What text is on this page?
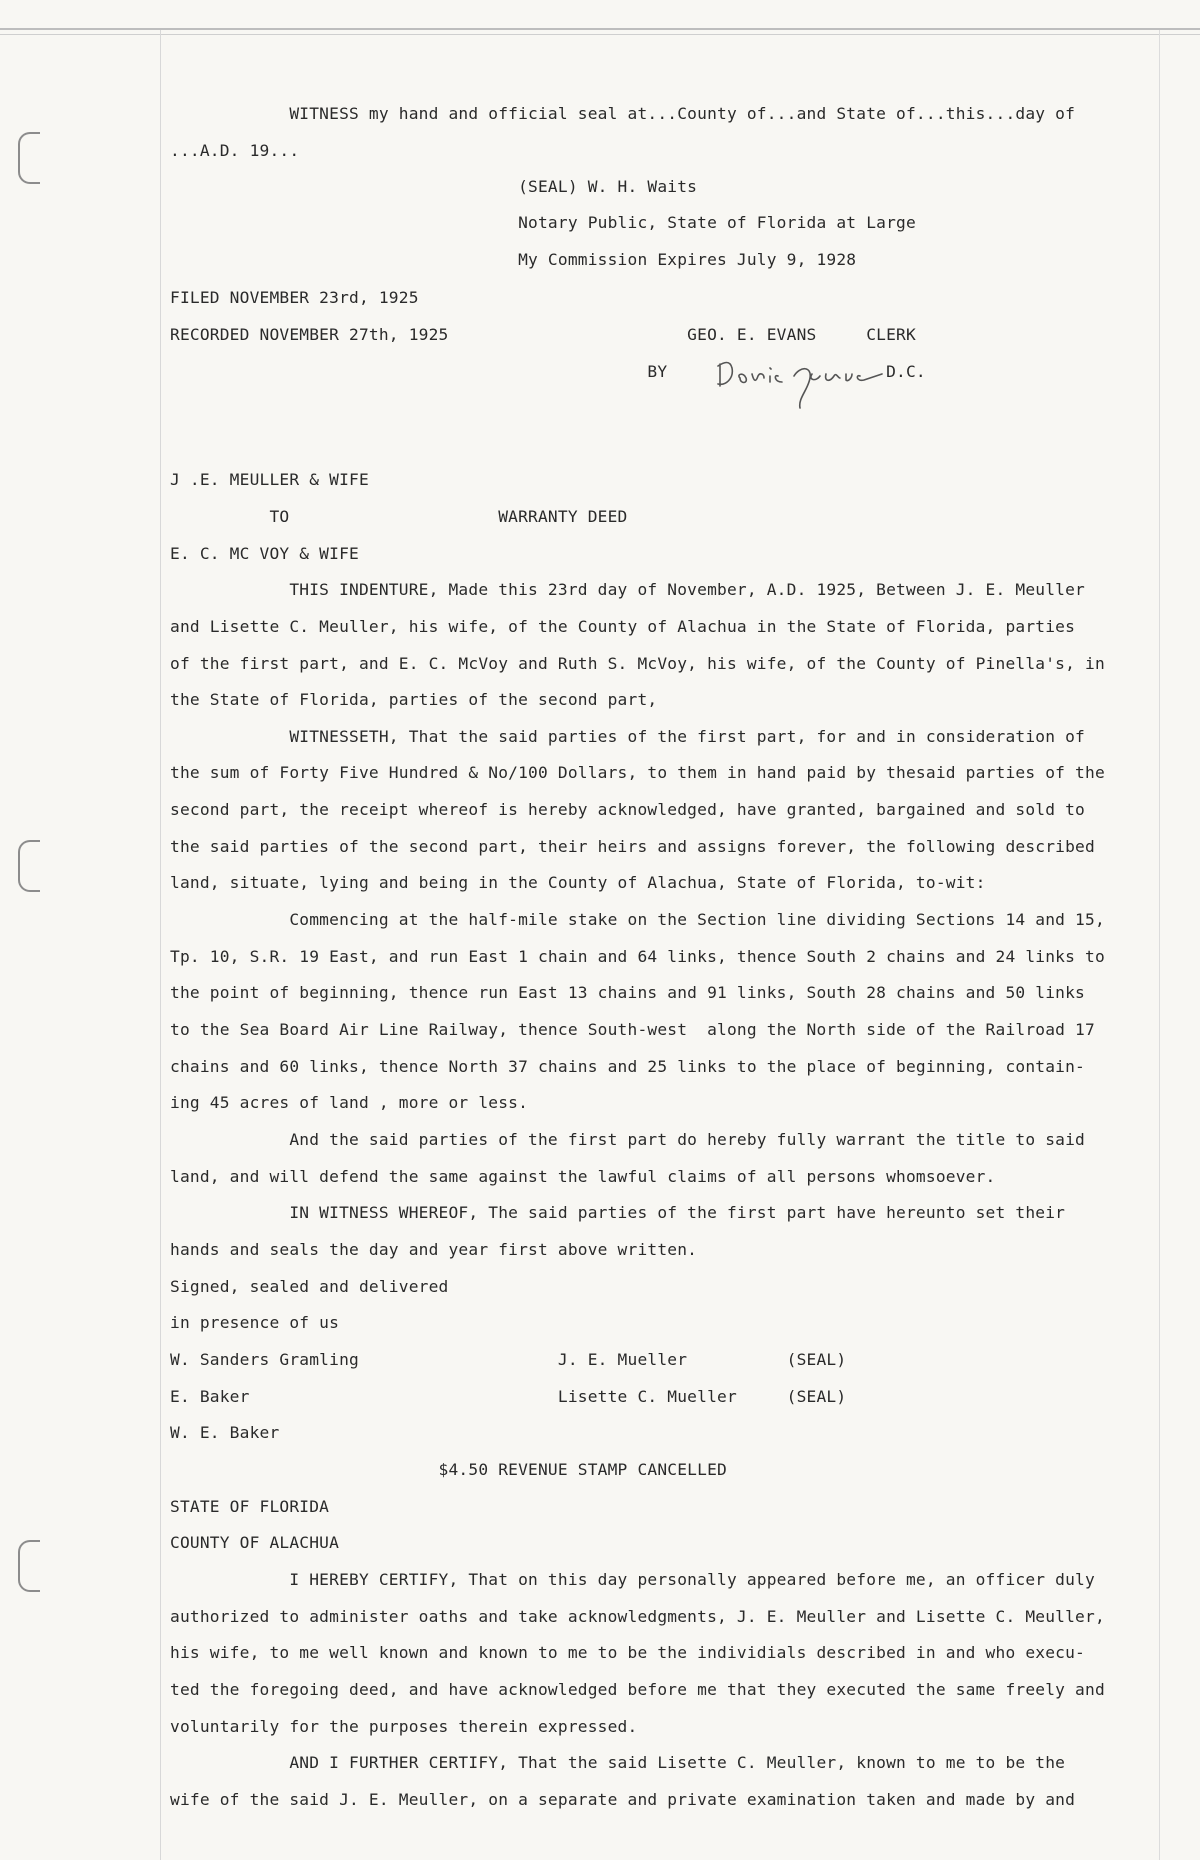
WITNESS my hand and official seal at...County of...and State of...this...day of
...A.D. 19...
(SEAL) W. H. Waits
Notary Public, State of Florida at Large
My Commission Expires July 9, 1928
FILED NOVEMBER 23rd, 1925
RECORDED NOVEMBER 27th, 1925                        GEO. E. EVANS     CLERK
BY                      D.C.
J .E. MEULLER & WIFE
TO                     WARRANTY DEED
E. C. MC VOY & WIFE
THIS INDENTURE, Made this 23rd day of November, A.D. 1925, Between J. E. Meuller
and Lisette C. Meuller, his wife, of the County of Alachua in the State of Florida, parties
of the first part, and E. C. McVoy and Ruth S. McVoy, his wife, of the County of Pinella's, in
the State of Florida, parties of the second part,
WITNESSETH, That the said parties of the first part, for and in consideration of
the sum of Forty Five Hundred & No/100 Dollars, to them in hand paid by thesaid parties of the
second part, the receipt whereof is hereby acknowledged, have granted, bargained and sold to
the said parties of the second part, their heirs and assigns forever, the following described
land, situate, lying and being in the County of Alachua, State of Florida, to-wit:
Commencing at the half-mile stake on the Section line dividing Sections 14 and 15,
Tp. 10, S.R. 19 East, and run East 1 chain and 64 links, thence South 2 chains and 24 links to
the point of beginning, thence run East 13 chains and 91 links, South 28 chains and 50 links
to the Sea Board Air Line Railway, thence South-west  along the North side of the Railroad 17
chains and 60 links, thence North 37 chains and 25 links to the place of beginning, contain-
ing 45 acres of land , more or less.
And the said parties of the first part do hereby fully warrant the title to said
land, and will defend the same against the lawful claims of all persons whomsoever.
IN WITNESS WHEREOF, The said parties of the first part have hereunto set their
hands and seals the day and year first above written.
Signed, sealed and delivered
in presence of us
W. Sanders Gramling                    J. E. Mueller          (SEAL)
E. Baker                               Lisette C. Mueller     (SEAL)
W. E. Baker
$4.50 REVENUE STAMP CANCELLED
STATE OF FLORIDA
COUNTY OF ALACHUA
I HEREBY CERTIFY, That on this day personally appeared before me, an officer duly
authorized to administer oaths and take acknowledgments, J. E. Meuller and Lisette C. Meuller,
his wife, to me well known and known to me to be the individials described in and who execu-
ted the foregoing deed, and have acknowledged before me that they executed the same freely and
voluntarily for the purposes therein expressed.
AND I FURTHER CERTIFY, That the said Lisette C. Meuller, known to me to be the
wife of the said J. E. Meuller, on a separate and private examination taken and made by and
